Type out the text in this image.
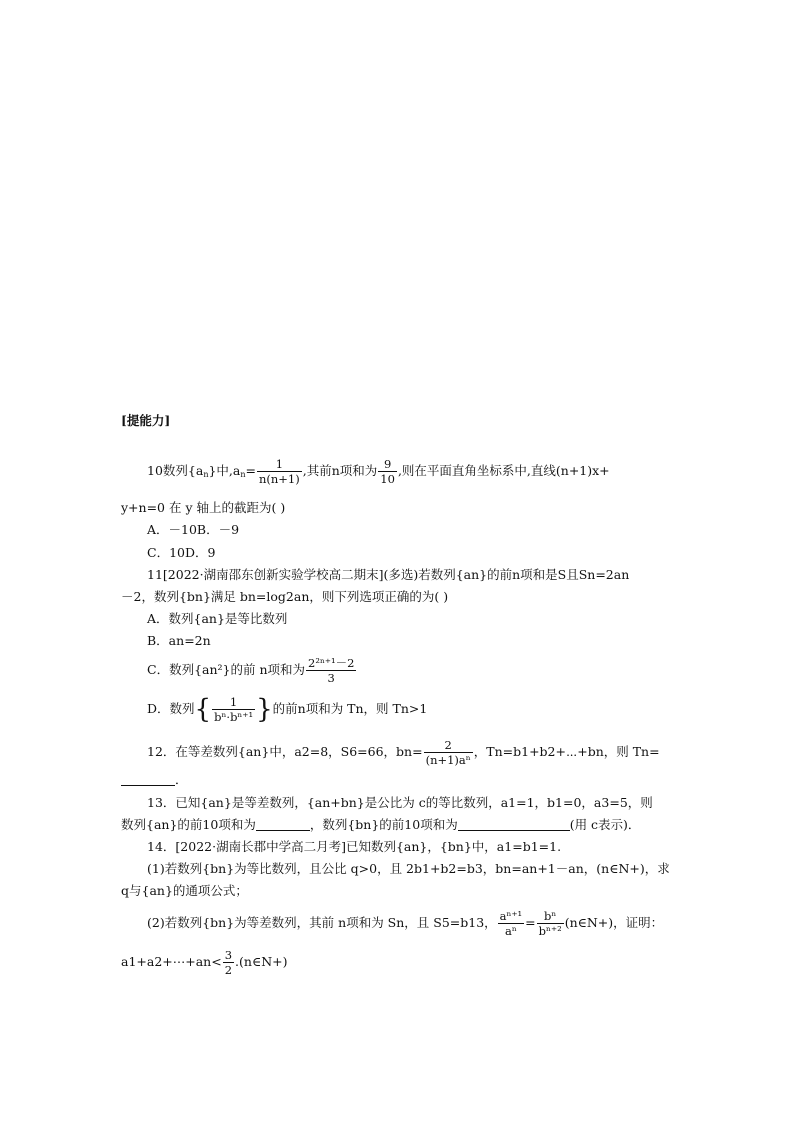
[提能力]
10数列$\{a_n\}$中$,a_n= \frac{1}{n(n+1)}$ ,其前n项和为 $\frac{9}{10}$ ,则在平面直角坐标系中,直线(n+1)x+
y+n=0 在 y 轴上的截距为( )
A．－10B．－9
C．10D．9
11[2022·湖南邵东创新实验学校高二期末](多选)若数列{an}的前n项和是S且Sn=2an
－2，数列{bn}满足 bn=log2an，则下列选项正确的为( )
A．数列{an}是等比数列
B．an=2n
C．数列{an²}的前 n项和为 $\frac{\text{2²ⁿ⁺¹－2}}{3}$
D．数列{ $\frac{1}{\text{bⁿ·bⁿ⁺¹}}$ }的前n项和为 Tn，则 Tn>1
12．在等差数列{an}中，a2=8，S6=66，$bn= \frac{2}{\text{(n+1)aⁿ}}$ ，Tn=b1+b2+⋯+bn，则 Tn=
．
13．已知{an}是等差数列，{an+bn}是公比为 c的等比数列，a1=1，b1=0，a3=5，则
数列{an}的前10项和为	，数列{bn}的前10项和为	(用 c表示)．
14．[2022·湖南长郡中学高二月考]已知数列{an}，{bn}中，a1=b1=1.
(1)若数列{bn}为等比数列，且公比 q>0，且 2b1+b2=b3，bn=an+1－an，(n∈N+)，求
q与{an}的通项公式；
(2)若数列{bn}为等差数列，其前 n项和为 Sn，且 S5=b13， $\frac{\text{aⁿ⁺¹}}{\text{aⁿ}} = \frac{\text{bⁿ}}{\text{bⁿ⁺²}}$ (n∈N+)，证明：
a1+a2+⋯+an< $\frac{3}{2}$ .(n∈N+)
